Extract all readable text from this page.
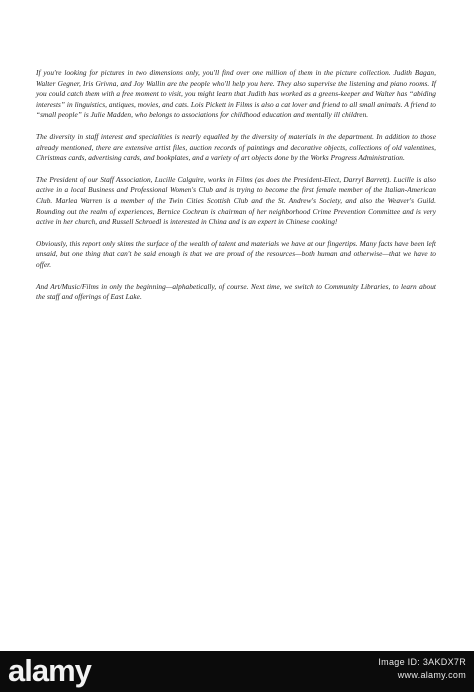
If you're looking for pictures in two dimensions only, you'll find over one million of them in the picture collection. Judith Bagan, Walter Gegner, Iris Grivna, and Joy Wallin are the people who'll help you here. They also supervise the listening and piano rooms. If you could catch them with a free moment to visit, you might learn that Judith has worked as a greens-keeper and Walter has “abiding interests” in linguistics, antiques, movies, and cats. Lois Pickett in Films is also a cat lover and friend to all small animals. A friend to “small people” is Julie Madden, who belongs to associations for childhood education and mentally ill children.

The diversity in staff interest and specialities is nearly equalled by the diversity of materials in the department. In addition to those already mentioned, there are extensive artist files, auction records of paintings and decorative objects, collections of old valentines, Christmas cards, advertising cards, and bookplates, and a variety of art objects done by the Works Progress Administration.

The President of our Staff Association, Lucille Calguire, works in Films (as does the President-Elect, Darryl Barrett). Lucille is also active in a local Business and Professional Women's Club and is trying to become the first female member of the Italian-American Club. Marlea Warren is a member of the Twin Cities Scottish Club and the St. Andrew's Society, and also the Weaver's Guild. Rounding out the realm of experiences, Bernice Cochran is chairman of her neighborhood Crime Prevention Committee and is very active in her church, and Russell Schroedl is interested in China and is an expert in Chinese cooking!

Obviously, this report only skims the surface of the wealth of talent and materials we have at our fingertips. Many facts have been left unsaid, but one thing that can't be said enough is that we are proud of the resources—both human and otherwise—that we have to offer.

And Art/Music/Films in only the beginning—alphabetically, of course. Next time, we switch to Community Libraries, to learn about the staff and offerings of East Lake.

alamy	Image ID: 3AKDX7R
www.alamy.com
